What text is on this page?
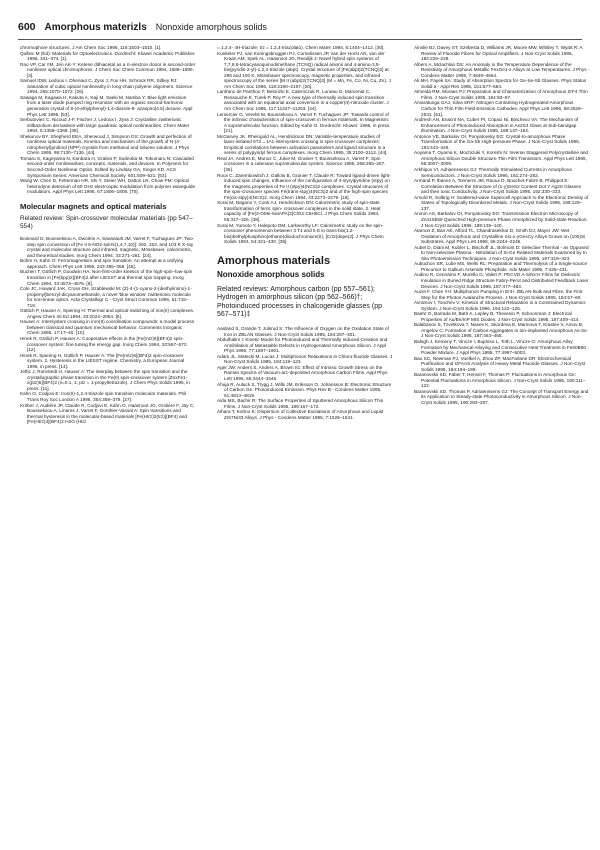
600 Amorphous materizls Nonoxide amorphous solids

chromophore structures. J Am Chem Soc 1996, 116:1503–1510. [1].

Quillec M (Ed): Materials for Optoelectronics. Dordrecht: Kluwer Academic Publisher. 1996, 341–374. [1].

Rao VP, Cai YM, Jen AK-Y: Ketene dithiacetal as a π-electron donor in second-order nonlinear optical chromophores. J Chem Soc Chem Commun 1994, 1689–1690. [3].

Samuel IDW, Ledoux I, Dhenaut C, Zyss J, Fox HH, Schrock RR, Silbey RJ: Saturation of cubic optical nonlinearity in long-chain polyene oligomers. Science 1994, 265:1070–1072. [26].

Sawaga M, Kagawa H, Kakuta A, Kaji M, Saeki M, Namba Y: Blue light emission from a laser diode pumped ring resonator with an organic second-harmonic generation crystal of 8-(4-ethylphenyl)-1,4-diazole-8- azaspiro[4.5] decane. Appl Phys Lett 1995. [53].

Serbutoviez C, Nicoud J-F, Fischer J, Ledoux I, Zyss J: Crystalline zwitterionic stilbazolium derivatives with large quadratic optical nonlinearities. Chem Mater 1994, 6:1358–1368. [38].

Shekunov BY, Shepherd EEA, Sherwood J, Simpson GS: Growth and perfection of nonlinear optical materials. Kinetics and mechanism of the growth of N-(4-nitrophenyl)prolinol (NPP) crystals from methanol and toluene solution. J Phys Chem 1995, 99:7130–7136. [44].

Tomaru S, Kageyama N, Kanbara H, Gratiss P, Sodeoka M, Tokumaru N: Cascaded second-order nonlinearities, concepts, materials, and devices. In Polymers for Second-Order Nonlinear Optics. Edited by Lindsay GA, Singer KD. ACS Symposium Series: American Chemical Society. 601:509–521. [53].

Wang W, Chen D, Fetterman HR, Shi Y, Steier WH, Dalton LR, Chow PM: Optical heterodyne detection of 60 GHz electrooptic modulation from polymer waveguide modulators. Appl Phys Lett 1995, 67:1806–1808. [70].

Molecular magnets and optical materials
Related review: Spin-crossover molecular materials (pp 547–554)

Boinnard D, Bousseksou A, Dworkin A, Savariault JM, Varret F, Tuchagues JP: Two-step spin conversion of [Fe II 5-NO2-sal-N(1,4,7,10)]: 292, 153, and 103 K X-ray crystal and molecular structure and infrared, magnetic, Mössbauer, calorimetric, and theoretical studies. Inorg Chem 1994, 33:271–281. [24].

Bohm H, Kahn O: Ferromagnetism and spin transition: An attempt at a unifying approach. Chem Phys Lett 1995, 243:355–358. [45].

Buchen T, Gütlich P, Goodwin HA: Non-first-order kinetics of the high-spin–low-spin transition in [Fe(bpp)2](BF4)2 after LIESST and thermal spin trapping. Inorg Chem 1994, 33:4573–4576. [8].

Cole JC, Howard JAK, Cross GH, Szablewski M: (Z)-4-(1-cyano-2-(diethylimino)-1-propenyl)benzyl-dicyanomethanide, a novel 'blue window' zwitterionic molecule for non-linear optics. Acta Crystallogr C - Cryst Struct Commun 1995, 51:715–718.

Gütlich P, Hauser A, Spiering H: Thermal and optical switching of iron(II) complexes. Angew Chem Int Ed 1994, 33:2024–2054. [6].

Hauser A: Intersystem crossing in iron(II) coordination compounds: a model process between classical and quantum mechanical behavior. Comments Inorganic Chem 1995, 17:17–40. [10].

Hinek R, Gütlich P, Hauser A: Cooperative effects in the [Fe(mtz)6](BF4)2 spin-crossover system: fine tuning the energy gap. Inorg Chem 1994, 33:567–572. [12].

Hinek R, Spiering H, Gütlich P, Hauser A: The [Fe(mtz)6](BF4)2 spin-crossover system. 2. Hysteresis in the LIESST regime. Chemistry, a European Journal 1996, in press. [14].

Jeftic J, Romstedt H, Hauser A: The interplay between the spin transition and the crystallographic phase transition in the Fe(II) spin-crossover system [ZnxFe1-x(ptz)6](BF4)2 (x=0.1, 1; ptz = 1-propyltetrazole). J Chem Phys Solids 1996, in press. [11].

Kahn O, Codjovi E: Iron(II)-1,2,4-triazole spin transition molecular materials. Phil Trans Roy Soc London A 1996, 354:359–379. [27].

Kröber J, Audière JP, Claude R, Codjovi E, Kahn O, Haasnoot JG, Grolière F, Jay C, Bousseksou A, Linares J, Varret F, Gonthier-Vassal A: Spin transitions and thermal hysteresis in the molecular-based materials [Fe(Htrz)2(trz)](BF4) and [Fe(Htrz)3](BF4)2·H2O (Htrz

= 1,2,4- 4H-triazole; trz = 1,2,4-triazolato). Chem Mater 1994, 6:1404–1412. [30].

Kunkeler PJ, van Koningsbruggen PJ, Cornelissen JP, van der Horst AN, van der Kraan AM, Spek AL, Haasnoot JG, Reedijk J: Novel hybrid spin systems of 7,7,8,8-tetracyanoquinodimethane (TCNQ) radical anions and 4-amino-3,5-bis(pyridin-2-yl)-1,2,4-triazole (abpt). Crystal structure of [Fe(abpt)2(TCNQ)2] at 298 and 100 K, Mössbauer spectroscopy, magnetic properties, and infrared spectroscopy of the series [M II (abpt)2(TCNQ)2] (M = Mn, Fe, Co, Ni, Cu, Zn). J Am Chem Soc 1996, 118:2190–2197. [20].

Lanfranc de Panthou F, Belorizki E, Calemczuk R, Luneau D, Marcenat C, Ressouche E, Turek P, Rey P: A new type of thermally induced spin transition associated with an equatorial axial conversion in a copper(II)-nitroxide cluster. J Am Chem Soc 1995, 117:11247–11253. [44].

Lemercier G, Verelst M, Bousseksou A, Varret F, Tuchagues JP: Towards control of the intrinsic characteristics of spin-crossover in ferrous materials. In Magnetism: A supramolecular function. Edited by Kahn O. Dordrecht: Kluwer. 1996, in press. [21].

McGarvey JK, Rheingold AL, Hendrickson DN: Variable-temperature studies of laser-initiated 5T2→1A1 intersystem crossing in spin-crossover complexes: Empirical correlations between activation parameters and ligand structure in a series of polypyridyl ferrous complexes. Inorg Chem 1995, 35:2100–2112. [44].

Real JA, Andres E, Munoz C, Julve M, Granier T, Bousseksou A, Varret F: Spin crossover in a catenane supramolecular system. Science 1995, 268:265–267. [36].

Roux C, Zarembowitch J, Gallois B, Granier T, Claude R: Toward ligand-driven light-induced spin changes. Influence of the configuration of 4-styrylpyridine (stpy) on the magnetic properties of Fe II (stpy)4(NCS)2 complexes. Crystal structures of the spin-crossover species Fe(trans-stpy)4(NCS)2 and of the high-spin species Fe(cis-stpy)4(NCS)2. Inorg Chem 1994, 33:2273–2279. [18].

Sorai M, Nagano Y, Conti AJ, Hendrickson DN: Calorimetric study of spin-state transformation of ferric spin- crossover complexes in the solid state. 2. Heat capacity of [Fe(3-OMe-SalAPA)2]ClO4·C6H5Cl. J Phys Chem Solids 1994, 55:317–326. [38].

Sorai M, Yumoto Y, Halepoto DM, Larkworthy LF: Calorimetric study on the spin-crossover phenomenon between 3 T1 and 5 E in trans-bis(1,2-bis(diethylphosphino)ethane)diiodochromium(II), [CrI2(depe)2]. J Phys Chem Solids 1993, 54:421–430. [39].

Amorphous materials
Nonoxide amorphous solids
Related reviews: Amorphous carbon (pp 557–561); Hydrogen in amorphous silicon (pp 562–566)†; Photoinduced processes in chalcogenide glasses (pp 567–571)‡

Aasland S, Grande T, Julsrud S: The Influence of Oxygen on the Oxidation State of Iron in ZBLAN Glasses. J Non-Cryst Solids 1995, 184:297–301.

Abdulhalim I: Kinetic Model for Photoinduced and Thermally Induced Creation and Annihilation of Metastable Defects in Hydrogenated Amorphous Silicon. J Appl Phys 1995, 77:1897–1901.

Adam JL, Matecki M, Lucas J: Multiphonon Relaxations in Chloro-fluoride Glasses. J Non-Cryst Solids 1995, 184:119–123.

Ager JW, Anders S, Anders A, Brown IG: Effect of Intrinsic Growth Stress on the Raman Spectra of Vacuum-arc-deposited Amorphous Carbon Films. Appl Phys Lett 1995, 66:3444–3446.

Ahuja R, Auluck S, Trygg J, Wills JM, Eriksson O, Johansson B: Electronic Structure of Carbon Ge. Photoinduced Emission. Phys Rev B - Condens Matter 1995, 51:4813–4819.

Aida MS, Bachir R: The Surface Properties of Sputtered Amorphous Silicon Thin Films. J Non-Cryst Solids 1995, 189:167–172.

Aihara T, Kohno K: Dispersion of Collective Excitations of Amorphous and Liquid Zr67Ni33 Alloys. J Phys - Condens Matter 1995, 7:1525–1541.

Ainslie BJ, Davey ST, Szebesta D, Williams JR, Moore MW, Whitley T, Wyatt R: A Review of Fluoride Fibres for Optical Amplifiers. J Non-Cryst Solids 1995, 184:225–228.

Albers A, Mclachlan DS: An Anomaly in the Temperature Dependence of the Resistivity of Amorphous Metallic FexGe1-x Alloys at Low Temperatures. J Phys - Condens Matter 1995, 7:4649–4664.

Ali MH, Fayek SA: Study of Absorption Spectra for Ge-Se-Sb Glasses. Phys Status Solidi a - Appl Res 1995, 151:577–584.

Almeida RM, Moraes PJ: Preparation and Characterization of Amorphous ZrF4 Thin Films. J Non-Cryst Solids 1995, 184:93–97.

Amaratunga GAJ, Silva SRP: Nitrogen Containing Hydrogenated Amorphous Carbon for Thin Film Field Emission Cathodes. Appl Phys Lett 1996, 68:2529–2531. [51].

Andresh AN, Enacnt NA, Cuber PI, Copaci Ni, Bincheco VA: The Mechanism of Enhancement of Photoinduced Absorption in As2S3 Glass at Sub-bandgap Illumination. J Non-Cryst Solids 1995, 189:147–153.

Antonov VE, Barkalov OI, Ponyatovsky EG: Crystal-to-amorphous Phase Transformation of the Ga-Sb High-pressure Phase. J Non-Cryst Solids 1995, 193:443–446.

Aoyama T, Oyama K, Mochizuki Y, Konishi N: Inverse Staggered Polycrystalline and Amorphous Silicon Double Structure Thin Film Transistors. Appl Phys Lett 1995, 66:3007–3009.

Arkhipov VI, Adriaenssens GJ: Thermally Stimulated Currents in Amorphous Semiconductors. J Non-Cryst Solids 1995, 181:274–282.

Armand P, Ibanez A, Tonnerre JM, Raoux D, Bouchet-Fabre B, Philippot E: Correlation Between the Structure of (1-y)GeS2 Content Dot Y Ag2S Glasses and their Ionic Conductivity. J Non-Cryst Solids 1995, 192:330–333.

Arnold R, Solbrig H: Scattered-wave Supercell Approach to the Electronic Density of States of Topologically Disordered Metals. J Non-Cryst Solids 1995, 189:129–137.

Aronin AS, Barkalov OI, Ponyatovsky EG: Transmission Electron Microscopy of Zn41Sb59 Quenched High-pressure Phase Amorphized by Solid-state Reaction. J Non-Cryst Solids 1995, 189:136–140.

Atamon Z, Bair AE, Alford TL, Chandrasekhar D, Smith DJ, Mayer JW: Wet Oxidation of Amorphous and Crystalline Si1-x-yGexCy Alloys Grown on (100)Si Substrates. Appl Phys Lett 1995, 66:2244–2246.

Aubel D, Diani M, Kubler L, Bischoff JL, Bolmont D: Selective Thermal - as Opposed to Non-selective Plasma - Nitridation of Si-Ge Related Materials Examined by In Situ Photoemission Techniques. J Non-Cryst Solids 1995, 187:319–323.

Aubuchon SR, Lube MS, Wells RL: Preparation and Thermolysis of a Single-source Precursor to Gallium Arsenide Phosphide. Adv Mater 1995, 7:428–431.

Audino R, Cennamo F, Morello G, Valeri P: PECVD A-SiNx:H Films for Dielectric Insulation in Buried Ridge Structure Fabry-Perot and Distributed Feedback Laser Devices. J Non-Cryst Solids 1995, 187:477–483.

Auzel F, Chen YH: Multiphonon Pumping in Er3+ ZBLAN Bulk and Fibre, the First Step for the Photon Avalanche Process. J Non-Cryst Solids 1995, 184:57–60.

Avramov I, Tonchev V: Kinetics of Structural Relaxation in a Constrained Dynamics System. J Non-Cryst Solids 1996, 194:122–126.

Baehr O, Barrada M, Bath A, Lepley B, Thevenin P, Schoonman J: Electrical Properties of Au/Bn/InP MIS Diodes. J Non-Cryst Solids 1995, 187:409–414.

Balabanov S, Tzvetkova T, Nasev K, Skordeva E, Marinova T, Krastev V, Amov B, Angelov C: Formation of Carbon Aggregates in Ion-implanted Amorphous As-Se. J Non-Cryst Solids 1995, 187:463–465.

Balogh J, Kemeny T, Vincze I, Bujdoso L, Toth L, Vincze G: Amorphous Alloy Formation by Mechanical Alloying and Consecutive Heat Treatment in Fe50B50 Powder Mixture. J Appl Phys 1995, 77:4997–5003.

Bao SC, Newman PJ, Voelkel A, Zhou ZP, MacFarlane DR: Electrochemical Purification and GFAAS Analysis of Heavy Metal Fluoride Glasses. J Non-Cryst Solids 1995, 184:194–199.

Baranovskii SD, Faber T, Hensel F, Thomas P: Fluctuations in Amorphous Ge: Potential Fluctuations in Amorphous Silicon. J Non-Cryst Solids 1995, 190:111–122.

Baranovskii SD, Thomas P, Adriaenssens GJ: The Concept of Transport Energy and its Application to Steady-state Photoconductivity in Amorphous Silicon. J Non-Cryst Solids 1995, 190:283–287.
